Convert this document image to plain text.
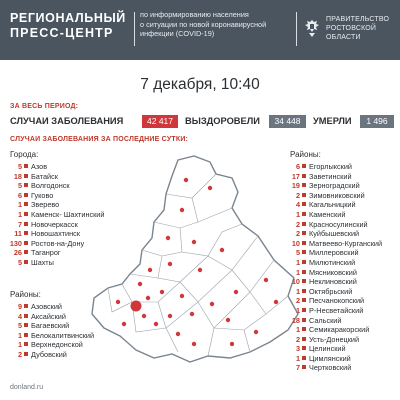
РЕГИОНАЛЬНЫЙ
ПРЕСС-ЦЕНТР
по информированию населения
о ситуации по новой коронавирусной
инфекции (COVID-19)
ПРАВИТЕЛЬСТВО
РОСТОВСКОЙ
ОБЛАСТИ
7 декабря, 10:40
ЗА ВЕСЬ ПЕРИОД:
СЛУЧАИ ЗАБОЛЕВАНИЯ	42 417	ВЫЗДОРОВЕЛИ	34 448	УМЕРЛИ	1 496
СЛУЧАИ ЗАБОЛЕВАНИЯ ЗА ПОСЛЕДНИЕ СУТКИ:
Города:
5 Азов
18 Батайск
5 Волгодонск
6 Гуково
1 Зверево
1 Каменск- Шахтинский
7 Новочеркасск
11 Новошахтинск
130 Ростов-на-Дону
26 Таганрог
5 Шахты
Районы:
9 Азовский
4 Аксайский
5 Багаевский
1 Белокалитвинский
1 Верхнедонской
2 Дубовский
Районы:
6 Егорлыкский
17 Заветинский
19 Зерноградский
2 Зимовниковский
4 Кагальницкий
1 Каменский
2 Красносулинский
2 Куйбышевский
10 Матвеево-Курганский
5 Миллеровский
1 Милютинский
1 Мясниковский
10 Неклиновский
1 Октябрьский
2 Песчанокопский
1 Р-Несветайский
18 Сальский
1 Семикаракорский
2 Усть-Донецкий
3 Целинский
1 Цимлянский
7 Чертковский
donland.ru
